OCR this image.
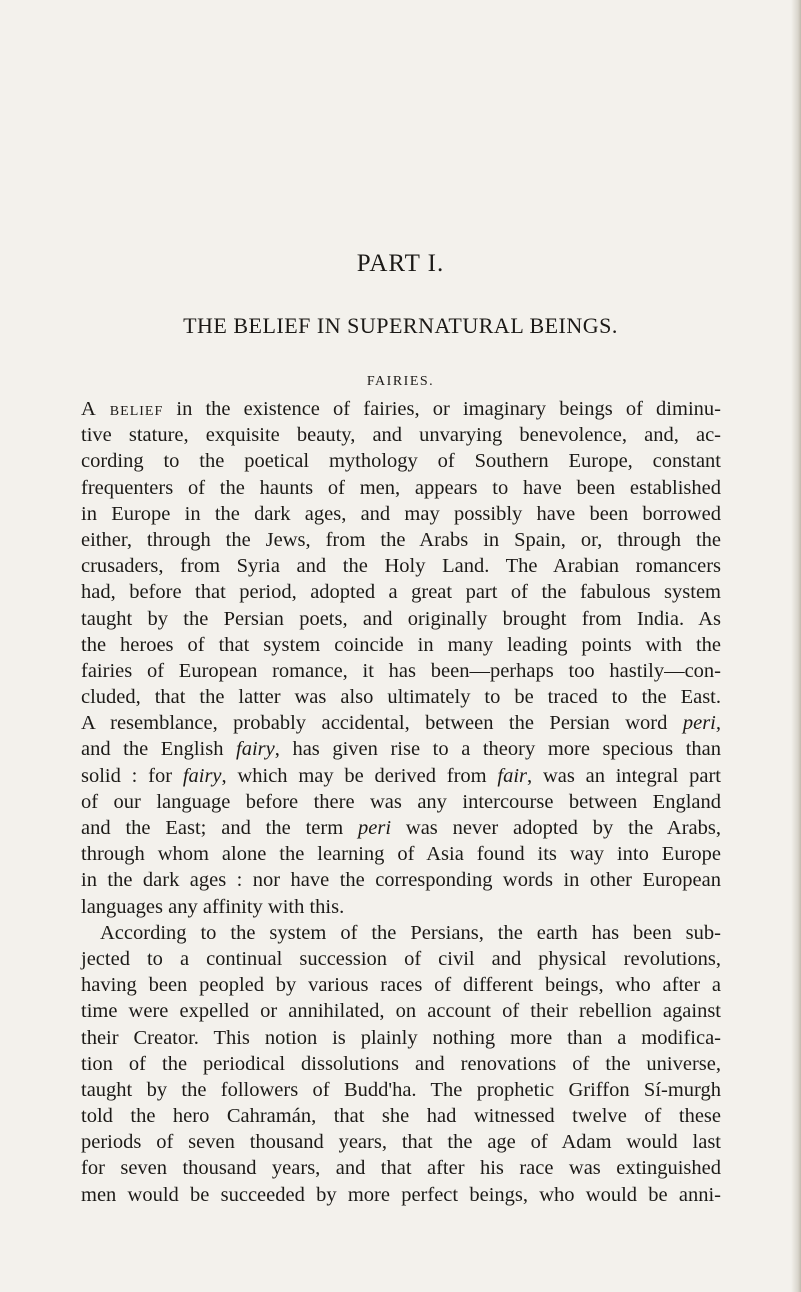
PART I.
THE BELIEF IN SUPERNATURAL BEINGS.
FAIRIES.
A belief in the existence of fairies, or imaginary beings of diminu-
tive stature, exquisite beauty, and unvarying benevolence, and, ac-
cording to the poetical mythology of Southern Europe, constant
frequenters of the haunts of men, appears to have been established
in Europe in the dark ages, and may possibly have been borrowed
either, through the Jews, from the Arabs in Spain, or, through the
crusaders, from Syria and the Holy Land. The Arabian romancers
had, before that period, adopted a great part of the fabulous system
taught by the Persian poets, and originally brought from India. As
the heroes of that system coincide in many leading points with the
fairies of European romance, it has been—perhaps too hastily—con-
cluded, that the latter was also ultimately to be traced to the East.
A resemblance, probably accidental, between the Persian word peri,
and the English fairy, has given rise to a theory more specious than
solid : for fairy, which may be derived from fair, was an integral part
of our language before there was any intercourse between England
and the East; and the term peri was never adopted by the Arabs,
through whom alone the learning of Asia found its way into Europe
in the dark ages : nor have the corresponding words in other European
languages any affinity with this.
According to the system of the Persians, the earth has been sub-
jected to a continual succession of civil and physical revolutions,
having been peopled by various races of different beings, who after a
time were expelled or annihilated, on account of their rebellion against
their Creator. This notion is plainly nothing more than a modifica-
tion of the periodical dissolutions and renovations of the universe,
taught by the followers of Budd'ha. The prophetic Griffon Sí-murgh
told the hero Cahramán, that she had witnessed twelve of these
periods of seven thousand years, that the age of Adam would last
for seven thousand years, and that after his race was extinguished
men would be succeeded by more perfect beings, who would be anni-
